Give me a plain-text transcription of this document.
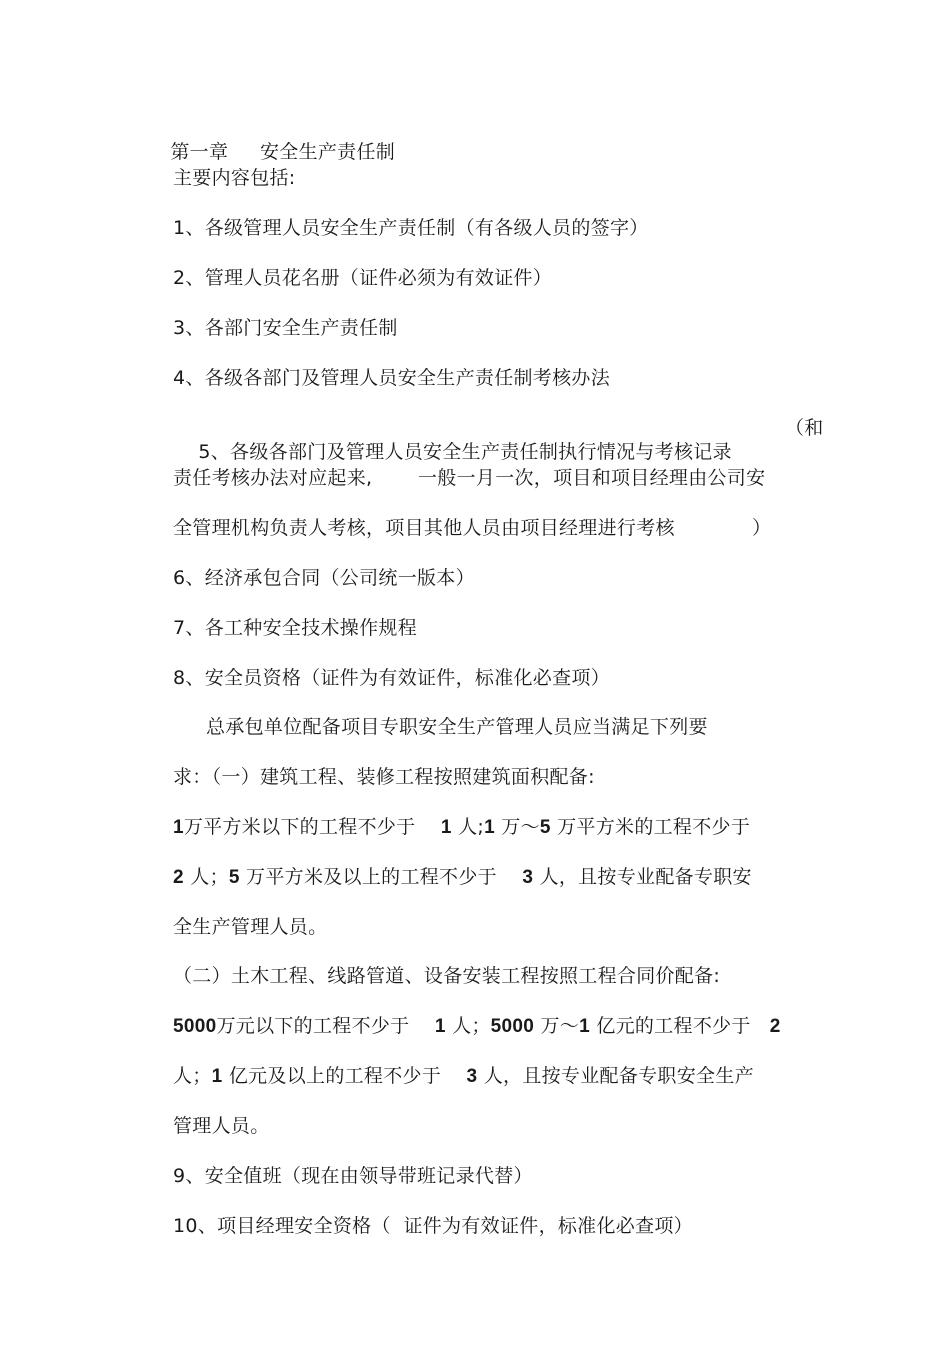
第一章 安全生产责任制

主要内容包括:
1、各级管理人员安全生产责任制（有各级人员的签字）
2、管理人员花名册（证件必须为有效证件）
3、各部门安全生产责任制
4、各级各部门及管理人员安全生产责任制考核办法

5、各级各部门及管理人员安全生产责任制执行情况与考核记录

（和
责任考核办法对应起来, 一般一月一次，项目和项目经理由公司安
全管理机构负责人考核，项目其他人员由项目经理进行考核	）
6、经济承包合同（公司统一版本）
7、各工种安全技术操作规程
8、安全员资格（证件为有效证件，标准化必查项）
总承包单位配备项目专职安全生产管理人员应当满足下列要
求：（一）建筑工程、装修工程按照建筑面积配备:
1万平方米以下的工程不少于 1 人;1 万～5 万平方米的工程不少于
2 人；5 万平方米及以上的工程不少于 3 人，且按专业配备专职安
全生产管理人员。
（二）土木工程、线路管道、设备安装工程按照工程合同价配备:
5000万元以下的工程不少于 1 人；5000 万～1 亿元的工程不少于 2
人；1 亿元及以上的工程不少于 3 人，且按专业配备专职安全生产
管理人员。
9、安全值班（现在由领导带班记录代替）
10、项目经理安全资格（ 证件为有效证件，标准化必查项）
